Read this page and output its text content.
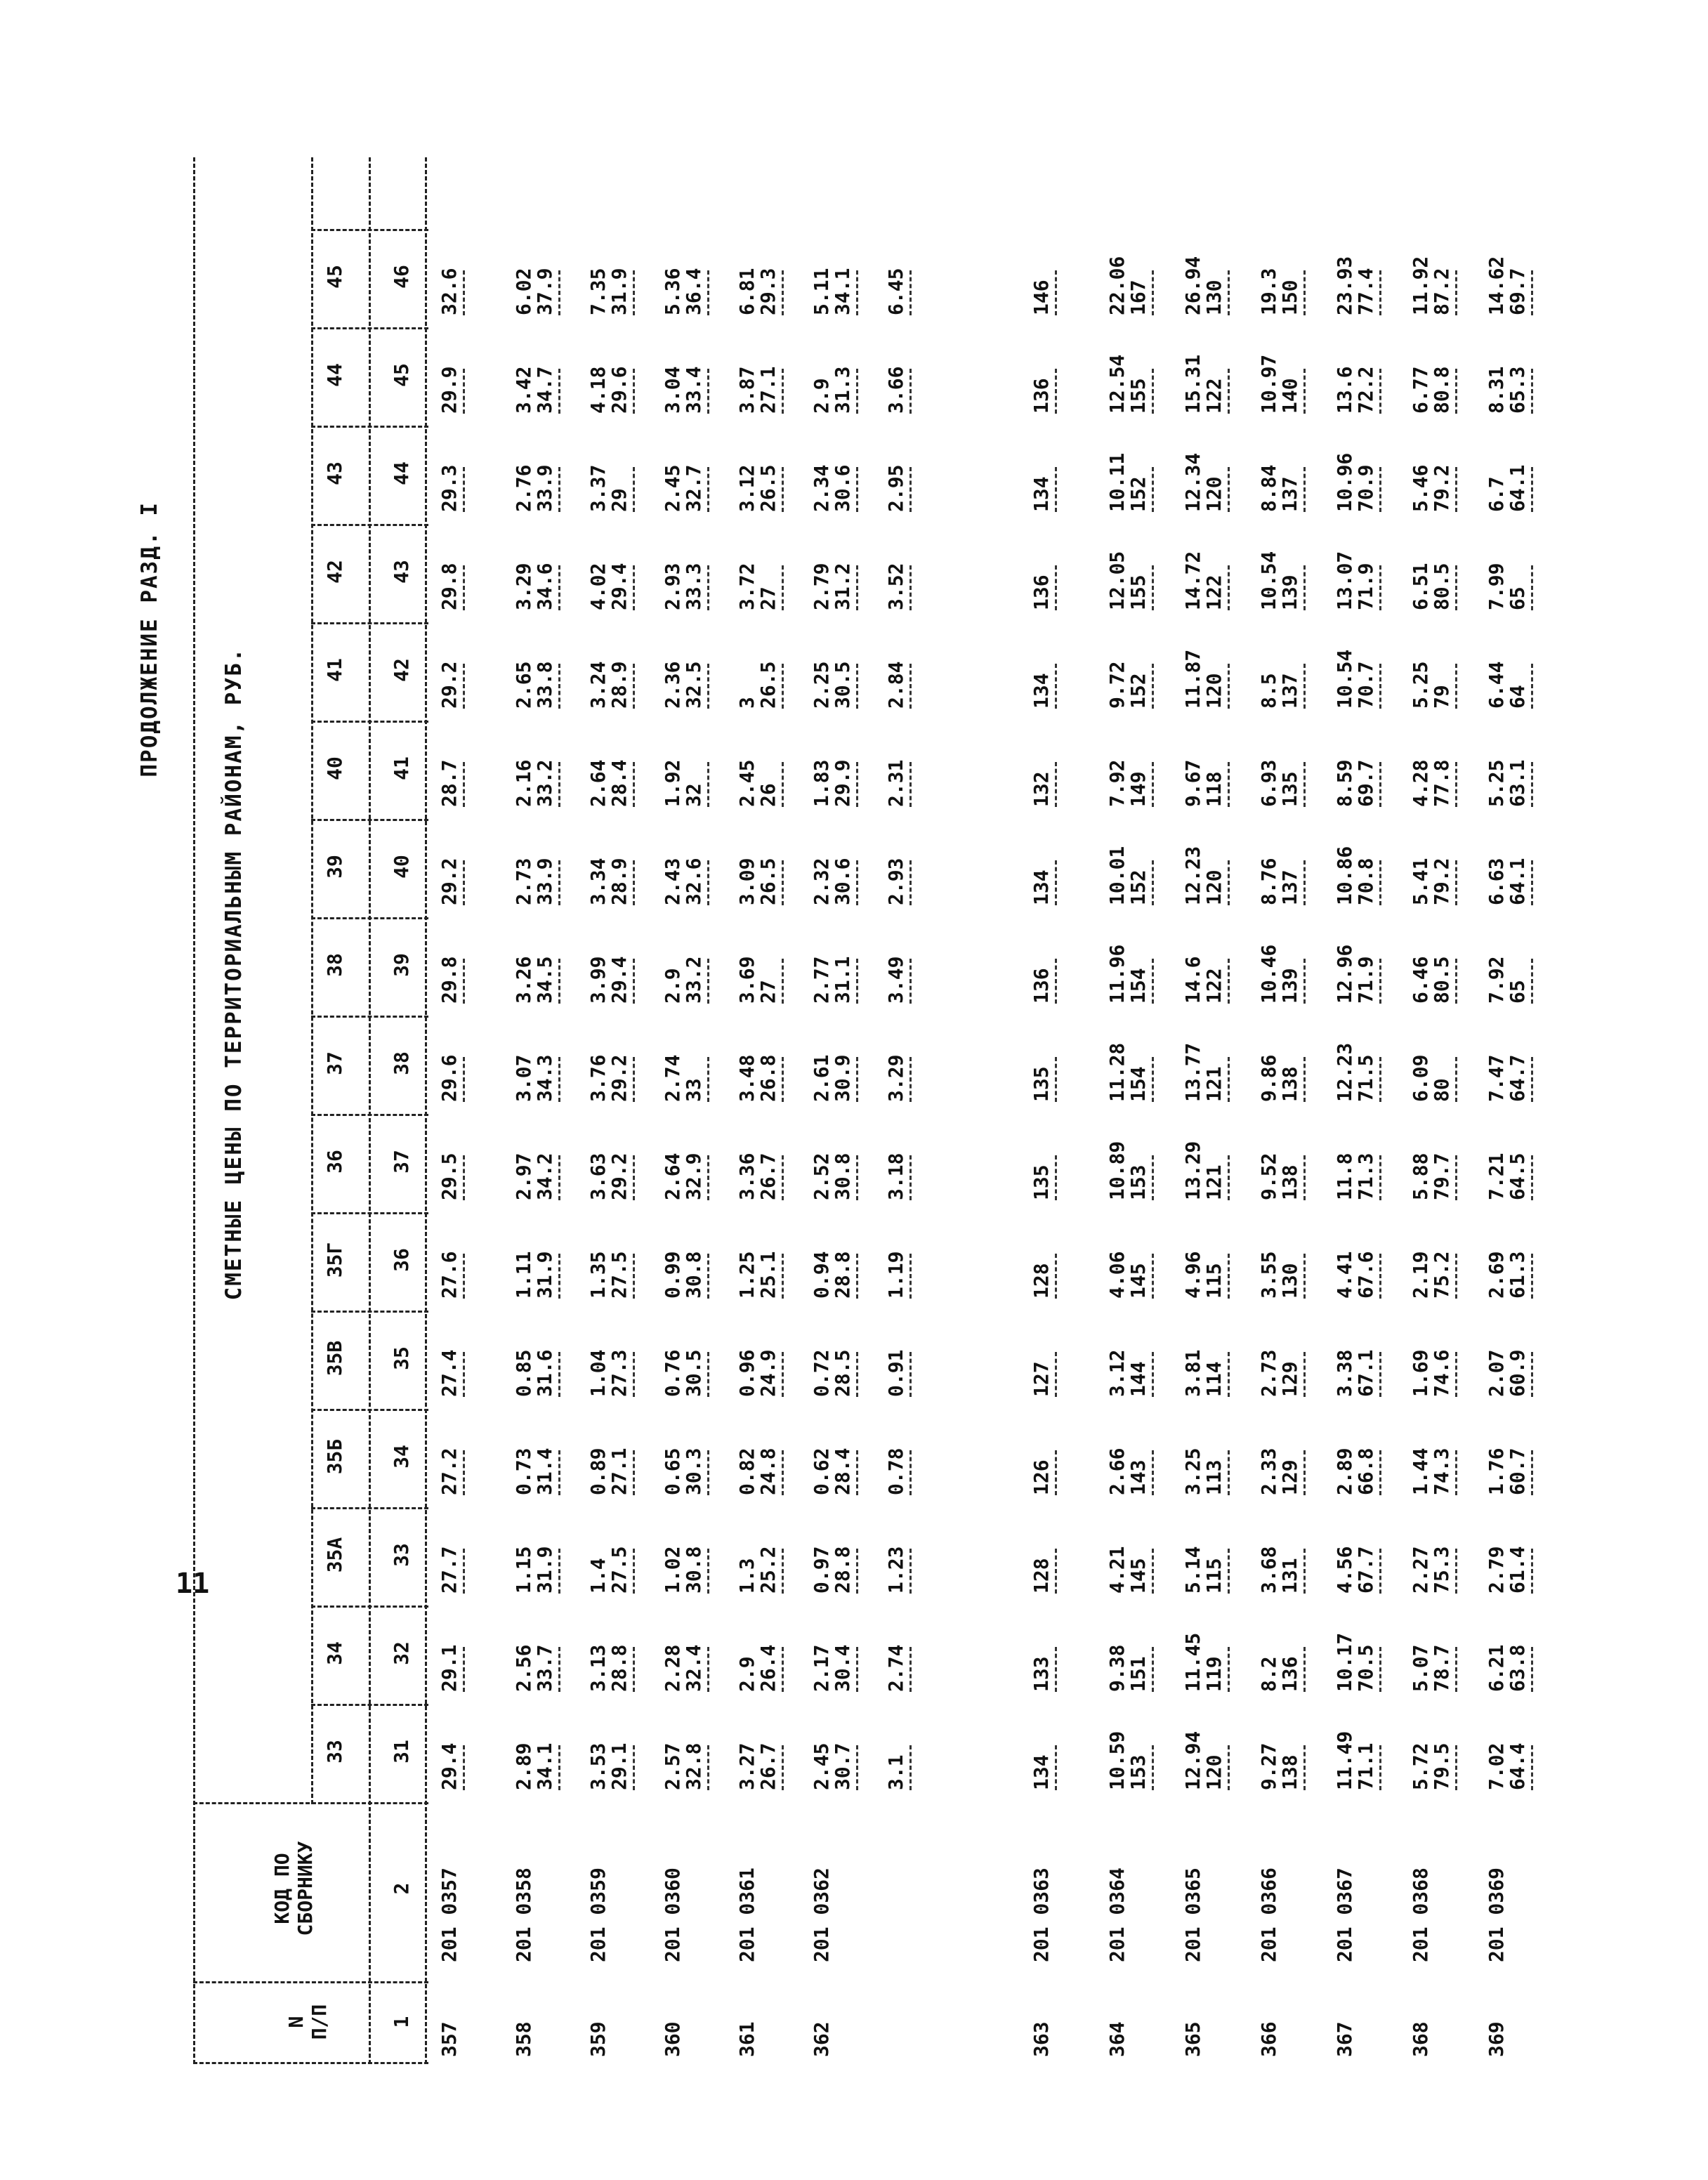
ПРОДОЛЖЕНИЕ РАЗД. I
СМЕТНЫЕ ЦЕНЫ ПО ТЕРРИТОРИАЛЬНЫМ РАЙОНАМ, РУБ.
N П/П
КОД ПО СБОРНИКУ
1
2
33
34
35А
35Б
35В
35Г
36
37
38
39
40
41
42
43
44
45
31
32
33
34
35
36
37
38
39
40
41
42
43
44
45
46
357
201 0357
29.4
29.1
27.7
27.2
27.4
27.6
29.5
29.6
29.8
29.2
28.7
29.2
29.8
29.3
29.9
32.6
358
201 0358
2.89
34.1
2.56
33.7
1.15
31.9
0.73
31.4
0.85
31.6
1.11
31.9
2.97
34.2
3.07
34.3
3.26
34.5
2.73
33.9
2.16
33.2
2.65
33.8
3.29
34.6
2.76
33.9
3.42
34.7
6.02
37.9
359
201 0359
3.53
29.1
3.13
28.8
1.4
27.5
0.89
27.1
1.04
27.3
1.35
27.5
3.63
29.2
3.76
29.2
3.99
29.4
3.34
28.9
2.64
28.4
3.24
28.9
4.02
29.4
3.37
29
4.18
29.6
7.35
31.9
360
201 0360
2.57
32.8
2.28
32.4
1.02
30.8
0.65
30.3
0.76
30.5
0.99
30.8
2.64
32.9
2.74
33
2.9
33.2
2.43
32.6
1.92
32
2.36
32.5
2.93
33.3
2.45
32.7
3.04
33.4
5.36
36.4
361
201 0361
3.27
26.7
2.9
26.4
1.3
25.2
0.82
24.8
0.96
24.9
1.25
25.1
3.36
26.7
3.48
26.8
3.69
27
3.09
26.5
2.45
26
3
26.5
3.72
27
3.12
26.5
3.87
27.1
6.81
29.3
362
201 0362
2.45
30.7
2.17
30.4
0.97
28.8
0.62
28.4
0.72
28.5
0.94
28.8
2.52
30.8
2.61
30.9
2.77
31.1
2.32
30.6
1.83
29.9
2.25
30.5
2.79
31.2
2.34
30.6
2.9
31.3
5.11
34.1
3.1
2.74
1.23
0.78
0.91
1.19
3.18
3.29
3.49
2.93
2.31
2.84
3.52
2.95
3.66
6.45
363
201 0363
134
133
128
126
127
128
135
135
136
134
132
134
136
134
136
146
364
201 0364
10.59
153
9.38
151
4.21
145
2.66
143
3.12
144
4.06
145
10.89
153
11.28
154
11.96
154
10.01
152
7.92
149
9.72
152
12.05
155
10.11
152
12.54
155
22.06
167
365
201 0365
12.94
120
11.45
119
5.14
115
3.25
113
3.81
114
4.96
115
13.29
121
13.77
121
14.6
122
12.23
120
9.67
118
11.87
120
14.72
122
12.34
120
15.31
122
26.94
130
366
201 0366
9.27
138
8.2
136
3.68
131
2.33
129
2.73
129
3.55
130
9.52
138
9.86
138
10.46
139
8.76
137
6.93
135
8.5
137
10.54
139
8.84
137
10.97
140
19.3
150
367
201 0367
11.49
71.1
10.17
70.5
4.56
67.7
2.89
66.8
3.38
67.1
4.41
67.6
11.8
71.3
12.23
71.5
12.96
71.9
10.86
70.8
8.59
69.7
10.54
70.7
13.07
71.9
10.96
70.9
13.6
72.2
23.93
77.4
368
201 0368
5.72
79.5
5.07
78.7
2.27
75.3
1.44
74.3
1.69
74.6
2.19
75.2
5.88
79.7
6.09
80
6.46
80.5
5.41
79.2
4.28
77.8
5.25
79
6.51
80.5
5.46
79.2
6.77
80.8
11.92
87.2
369
201 0369
7.02
64.4
6.21
63.8
2.79
61.4
1.76
60.7
2.07
60.9
2.69
61.3
7.21
64.5
7.47
64.7
7.92
65
6.63
64.1
5.25
63.1
6.44
64
7.99
65
6.7
64.1
8.31
65.3
14.62
69.7
11
